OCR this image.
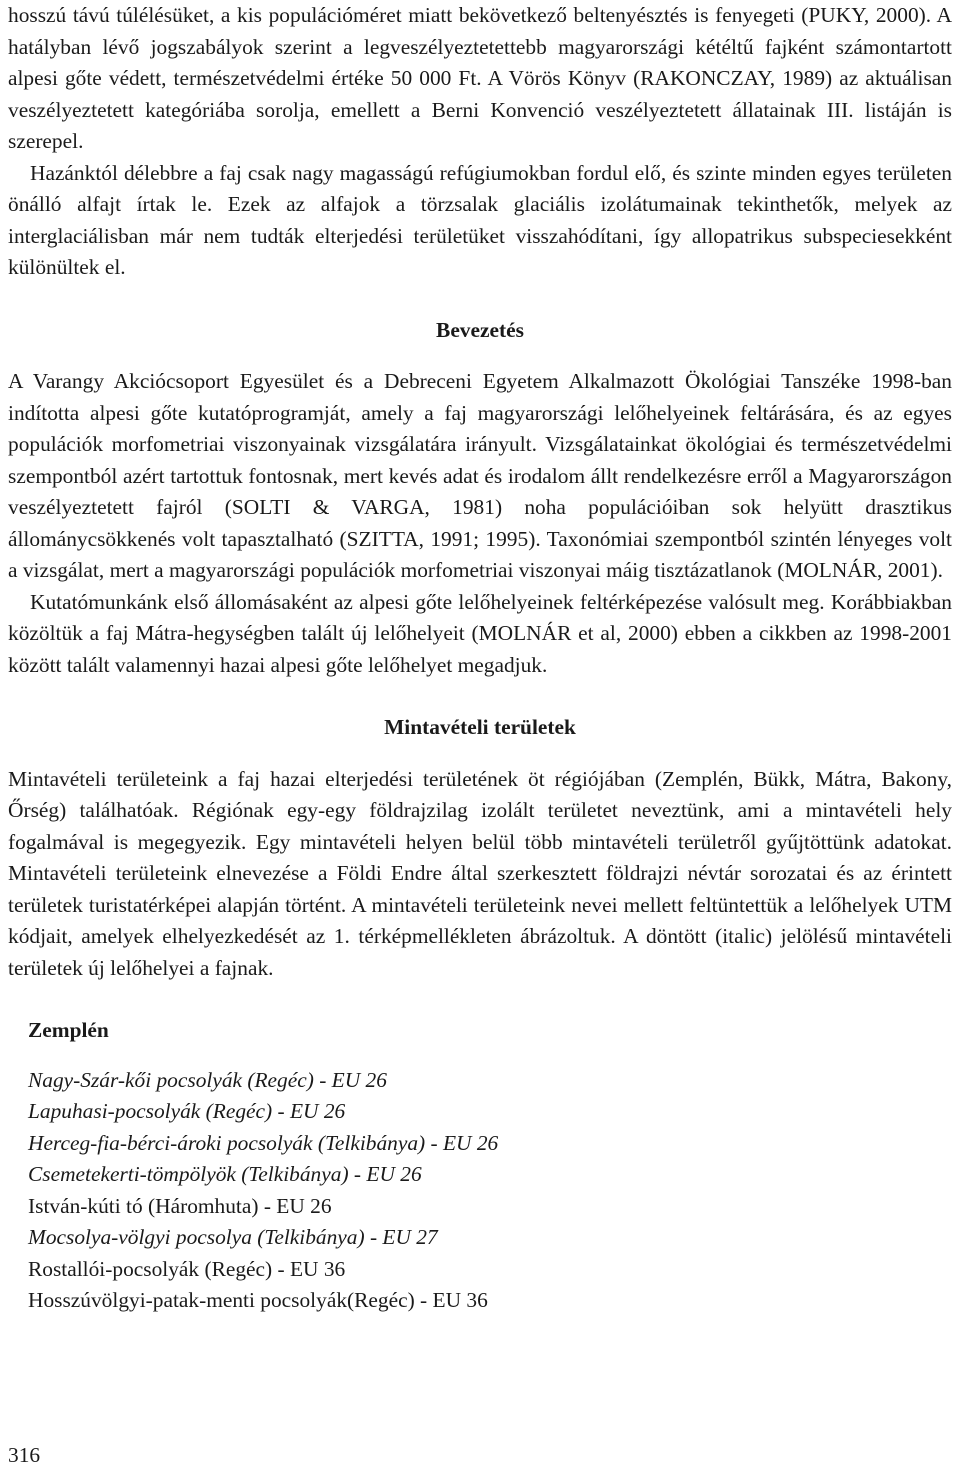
hosszú távú túlélésüket, a kis populációméret miatt bekövetkező beltenyésztés is fenyegeti (PUKY, 2000). A hatályban lévő jogszabályok szerint a legveszélyeztetettebb magyarországi kétéltű fajként számontartott alpesi gőte védett, természetvédelmi értéke 50 000 Ft. A Vörös Könyv (RAKONCZAY, 1989) az aktuálisan veszélyeztetett kategóriába sorolja, emellett a Berni Konvenció veszélyeztetett állatainak III. listáján is szerepel.

Hazánktól délebbre a faj csak nagy magasságú refúgiumokban fordul elő, és szinte minden egyes területen önálló alfajt írtak le. Ezek az alfajok a törzsalak glaciális izolátumainak tekinthetők, melyek az interglaciálisban már nem tudták elterjedési területüket visszahódítani, így allopatrikus subspeciesekként különültek el.

Bevezetés

A Varangy Akciócsoport Egyesület és a Debreceni Egyetem Alkalmazott Ökológiai Tanszéke 1998-ban indította alpesi gőte kutatóprogramját, amely a faj magyarországi lelőhelyeinek feltárására, és az egyes populációk morfometriai viszonyainak vizsgálatára irányult. Vizsgálatainkat ökológiai és természetvédelmi szempontból azért tartottuk fontosnak, mert kevés adat és irodalom állt rendelkezésre erről a Magyarországon veszélyeztetett fajról (SOLTI & VARGA, 1981) noha populációiban sok helyütt drasztikus állománycsökkenés volt tapasztalható (SZITTA, 1991; 1995). Taxonómiai szempontból szintén lényeges volt a vizsgálat, mert a magyarországi populációk morfometriai viszonyai máig tisztázatlanok (MOLNÁR, 2001).

Kutatómunkánk első állomásaként az alpesi gőte lelőhelyeinek feltérképezése valósult meg. Korábbiakban közöltük a faj Mátra-hegységben talált új lelőhelyeit (MOLNÁR et al, 2000) ebben a cikkben az 1998-2001 között talált valamennyi hazai alpesi gőte lelőhelyet megadjuk.

Mintavételi területek

Mintavételi területeink a faj hazai elterjedési területének öt régiójában (Zemplén, Bükk, Mátra, Bakony, Őrség) találhatóak. Régiónak egy-egy földrajzilag izolált területet neveztünk, ami a mintavételi hely fogalmával is megegyezik. Egy mintavételi helyen belül több mintavételi területről gyűjtöttünk adatokat. Mintavételi területeink elnevezése a Földi Endre által szerkesztett földrajzi névtár sorozatai és az érintett területek turistatérképei alapján történt. A mintavételi területeink nevei mellett feltüntettük a lelőhelyek UTM kódjait, amelyek elhelyezkedését az 1. térképmellékleten ábrázoltuk. A döntött (italic) jelölésű mintavételi területek új lelőhelyei a fajnak.

Zemplén
Nagy-Szár-kői pocsolyák (Regéc) - EU 26
Lapuhasi-pocsolyák (Regéc) - EU 26
Herceg-fia-bérci-ároki pocsolyák (Telkibánya) - EU 26
Csemetekerti-tömpölyök (Telkibánya) - EU 26
István-kúti tó (Háromhuta) - EU 26
Mocsolya-völgyi pocsolya (Telkibánya) - EU 27
Rostallói-pocsolyák (Regéc) - EU 36
Hosszúvölgyi-patak-menti pocsolyák(Regéc) - EU 36
316
